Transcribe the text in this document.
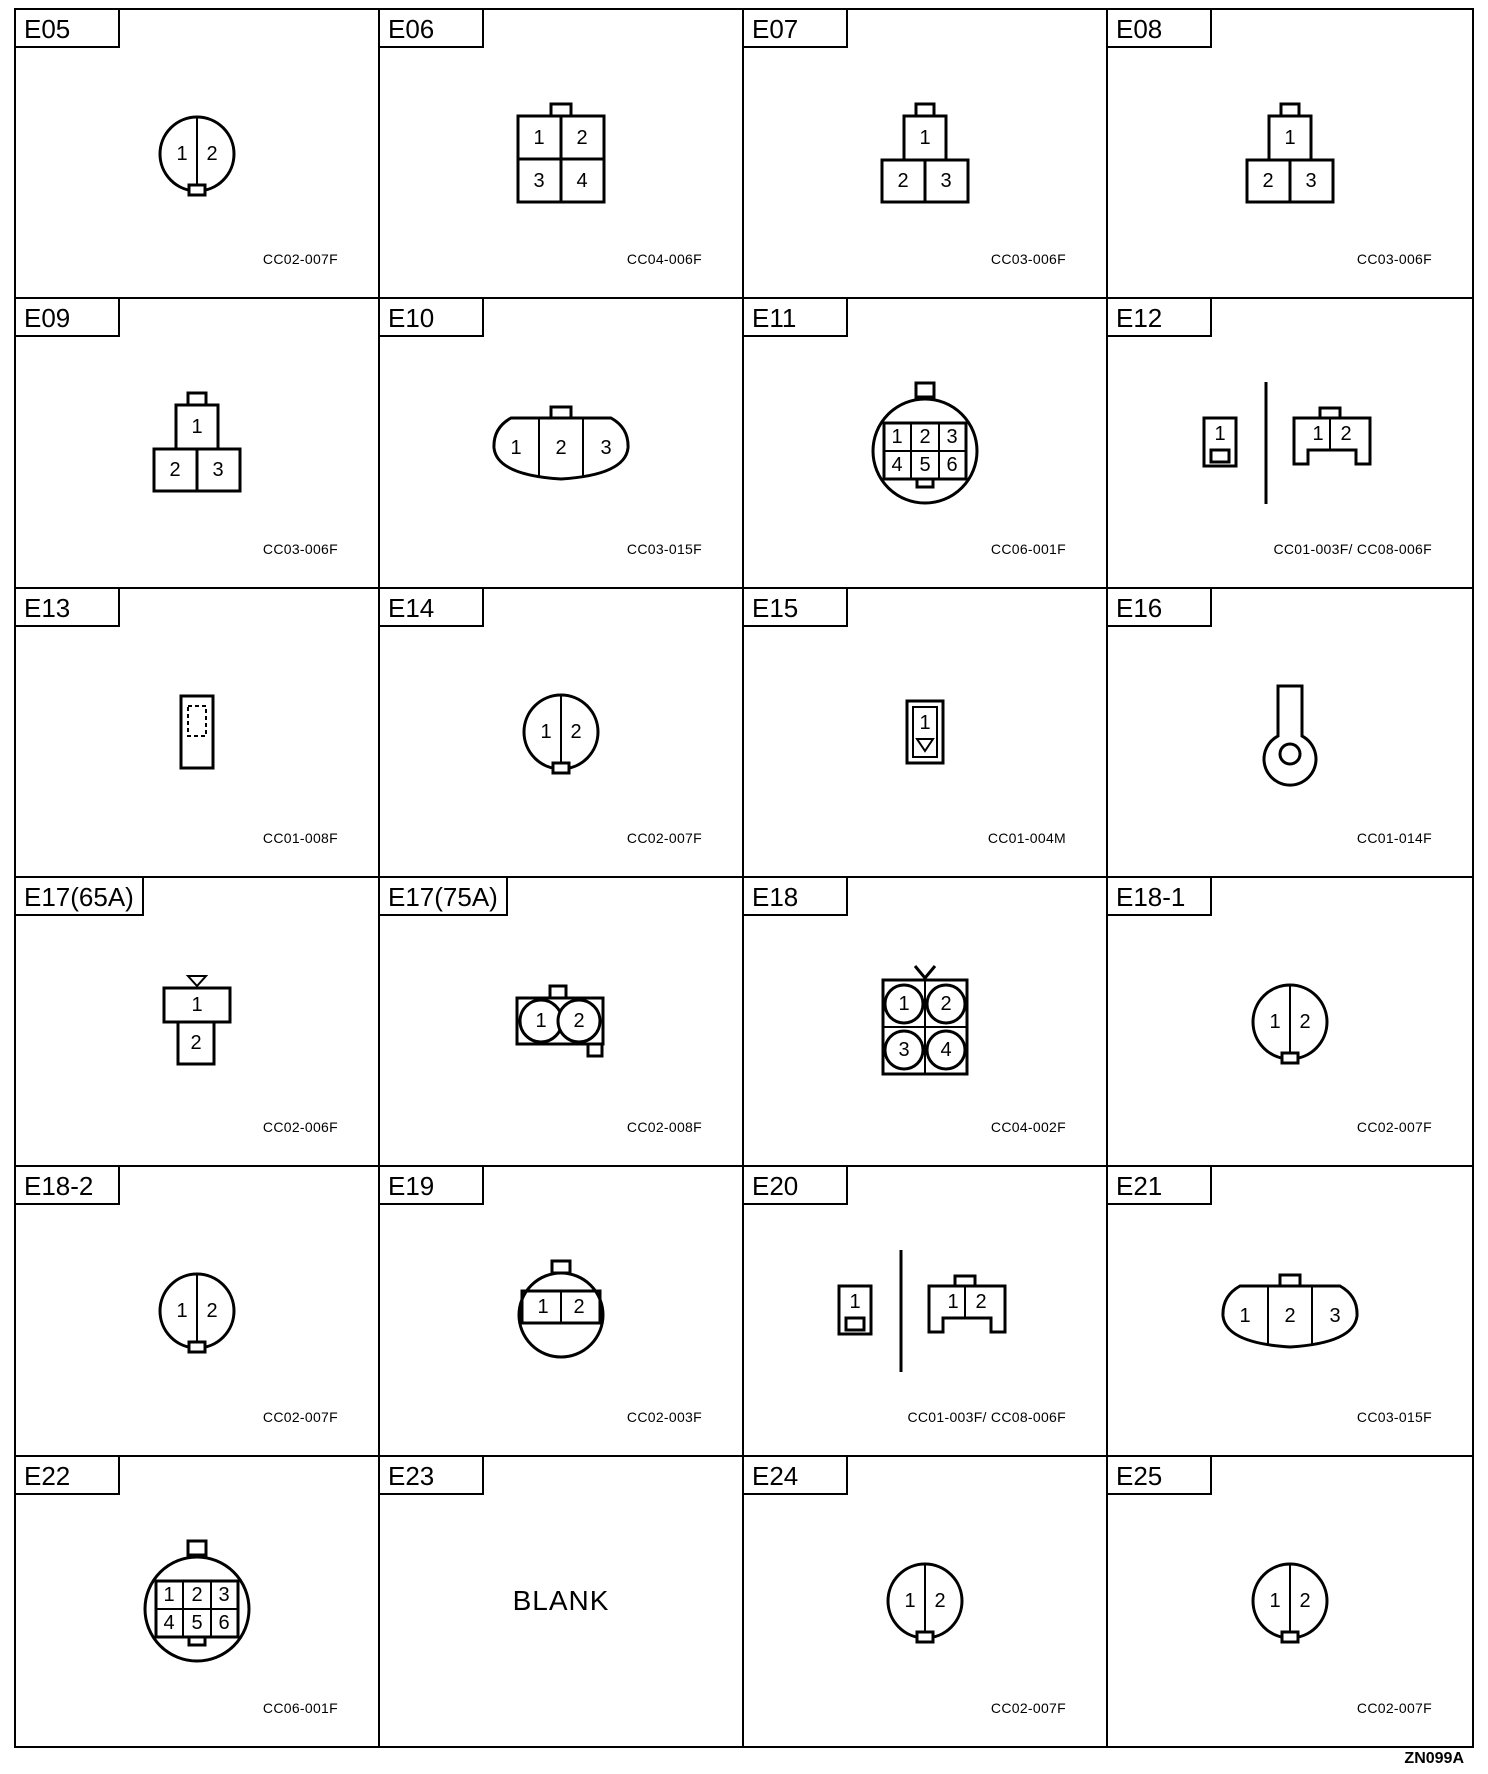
E05
1 2
CC02-007F
E06
1 2
3 4
CC04-006F
E07
1
2 3
CC03-006F
E08
1
2 3
CC03-006F
E09
1
2 3
CC03-006F
E10
1 2 3
CC03-015F
E11
1 2 3
4 5 6
CC06-001F
E12
1	1 2
CC01-003F/ CC08-006F
E13
CC01-008F
E14
1 2
CC02-007F
E15
1
CC01-004M
E16
CC01-014F
E17(65A)
1
2
CC02-006F
E17(75A)
1 2
CC02-008F
E18
1 2
3 4
CC04-002F
E18-1
1 2
CC02-007F
E18-2
1 2
CC02-007F
E19
1 2
CC02-003F
E20
1	1 2
CC01-003F/ CC08-006F
E21
1 2 3
CC03-015F
E22
1 2 3
4 5 6
CC06-001F
E23
BLANK
E24
1 2
CC02-007F
E25
1 2
CC02-007F
ZN099A
